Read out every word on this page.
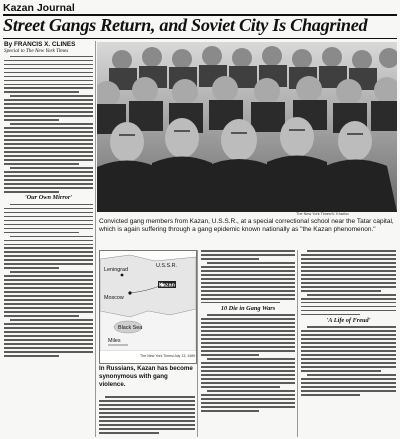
Kazan Journal
Street Gangs Return, and Soviet City Is Chagrined
By FRANCIS X. CLINES
Special to The New York Times
'Our Own Mirror'
The New York Times/V. Kharlov
Convicted gang members from Kazan, U.S.S.R., at a special correctional school near the Tatar capital, which is again suffering through a gang epidemic known nationally as "the Kazan phenomenon."
U.S.S.R.
Leningrad
Moscow
Kazan
Black Sea
Miles
The New York Times/July 13, 1989
In Russians, Kazan has become synonymous with gang violence.
10 Die in Gang Wars
'A Life of Freud'
